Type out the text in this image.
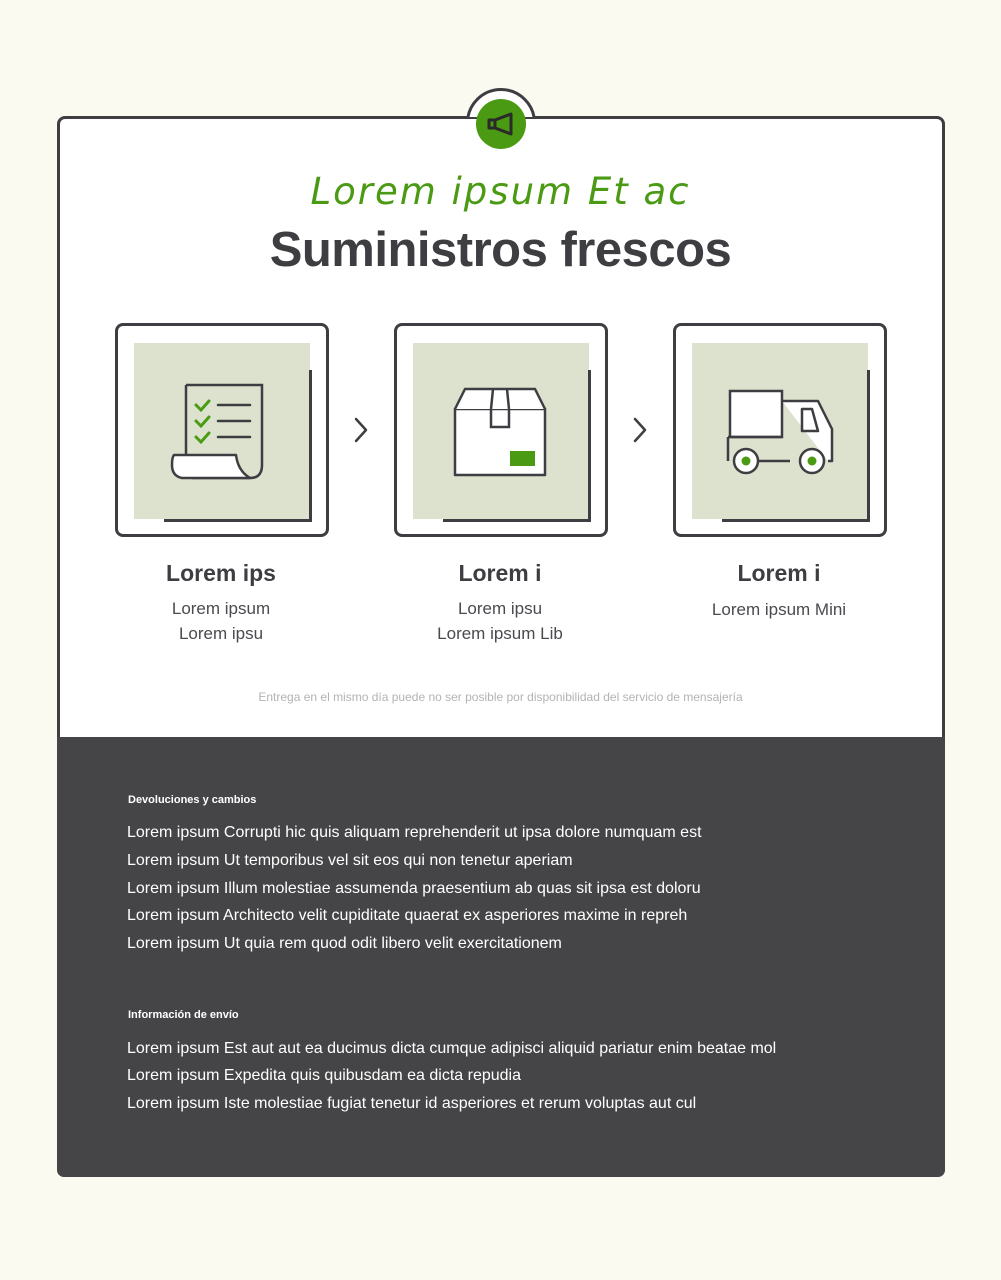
Lorem ipsum Et ac
Suministros frescos
Lorem ips
Lorem ipsum
Lorem ipsu
Lorem i
Lorem ipsu
Lorem ipsum Lib
Lorem i
Lorem ipsum Mini
Entrega en el mismo día puede no ser posible por disponibilidad del servicio de mensajería
Devoluciones y cambios
Lorem ipsum Corrupti hic quis aliquam reprehenderit ut ipsa dolore numquam est
Lorem ipsum Ut temporibus vel sit eos qui non tenetur aperiam
Lorem ipsum Illum molestiae assumenda praesentium ab quas sit ipsa est doloru
Lorem ipsum Architecto velit cupiditate quaerat ex asperiores maxime in repreh
Lorem ipsum Ut quia rem quod odit libero velit exercitationem
Información de envío
Lorem ipsum Est aut aut ea ducimus dicta cumque adipisci aliquid pariatur enim beatae mol
Lorem ipsum Expedita quis quibusdam ea dicta repudia
Lorem ipsum Iste molestiae fugiat tenetur id asperiores et rerum voluptas aut cul
